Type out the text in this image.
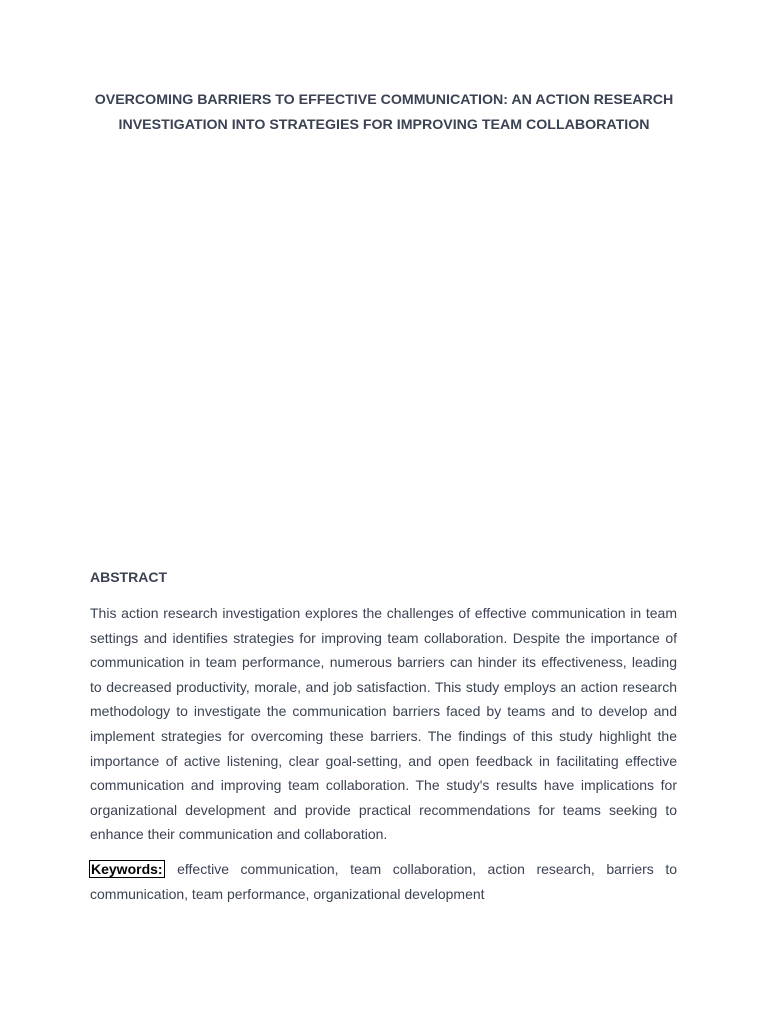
OVERCOMING BARRIERS TO EFFECTIVE COMMUNICATION: AN ACTION RESEARCH INVESTIGATION INTO STRATEGIES FOR IMPROVING TEAM COLLABORATION
ABSTRACT

This action research investigation explores the challenges of effective communication in team settings and identifies strategies for improving team collaboration. Despite the importance of communication in team performance, numerous barriers can hinder its effectiveness, leading to decreased productivity, morale, and job satisfaction. This study employs an action research methodology to investigate the communication barriers faced by teams and to develop and implement strategies for overcoming these barriers. The findings of this study highlight the importance of active listening, clear goal-setting, and open feedback in facilitating effective communication and improving team collaboration. The study's results have implications for organizational development and provide practical recommendations for teams seeking to enhance their communication and collaboration.

Keywords: effective communication, team collaboration, action research, barriers to communication, team performance, organizational development
